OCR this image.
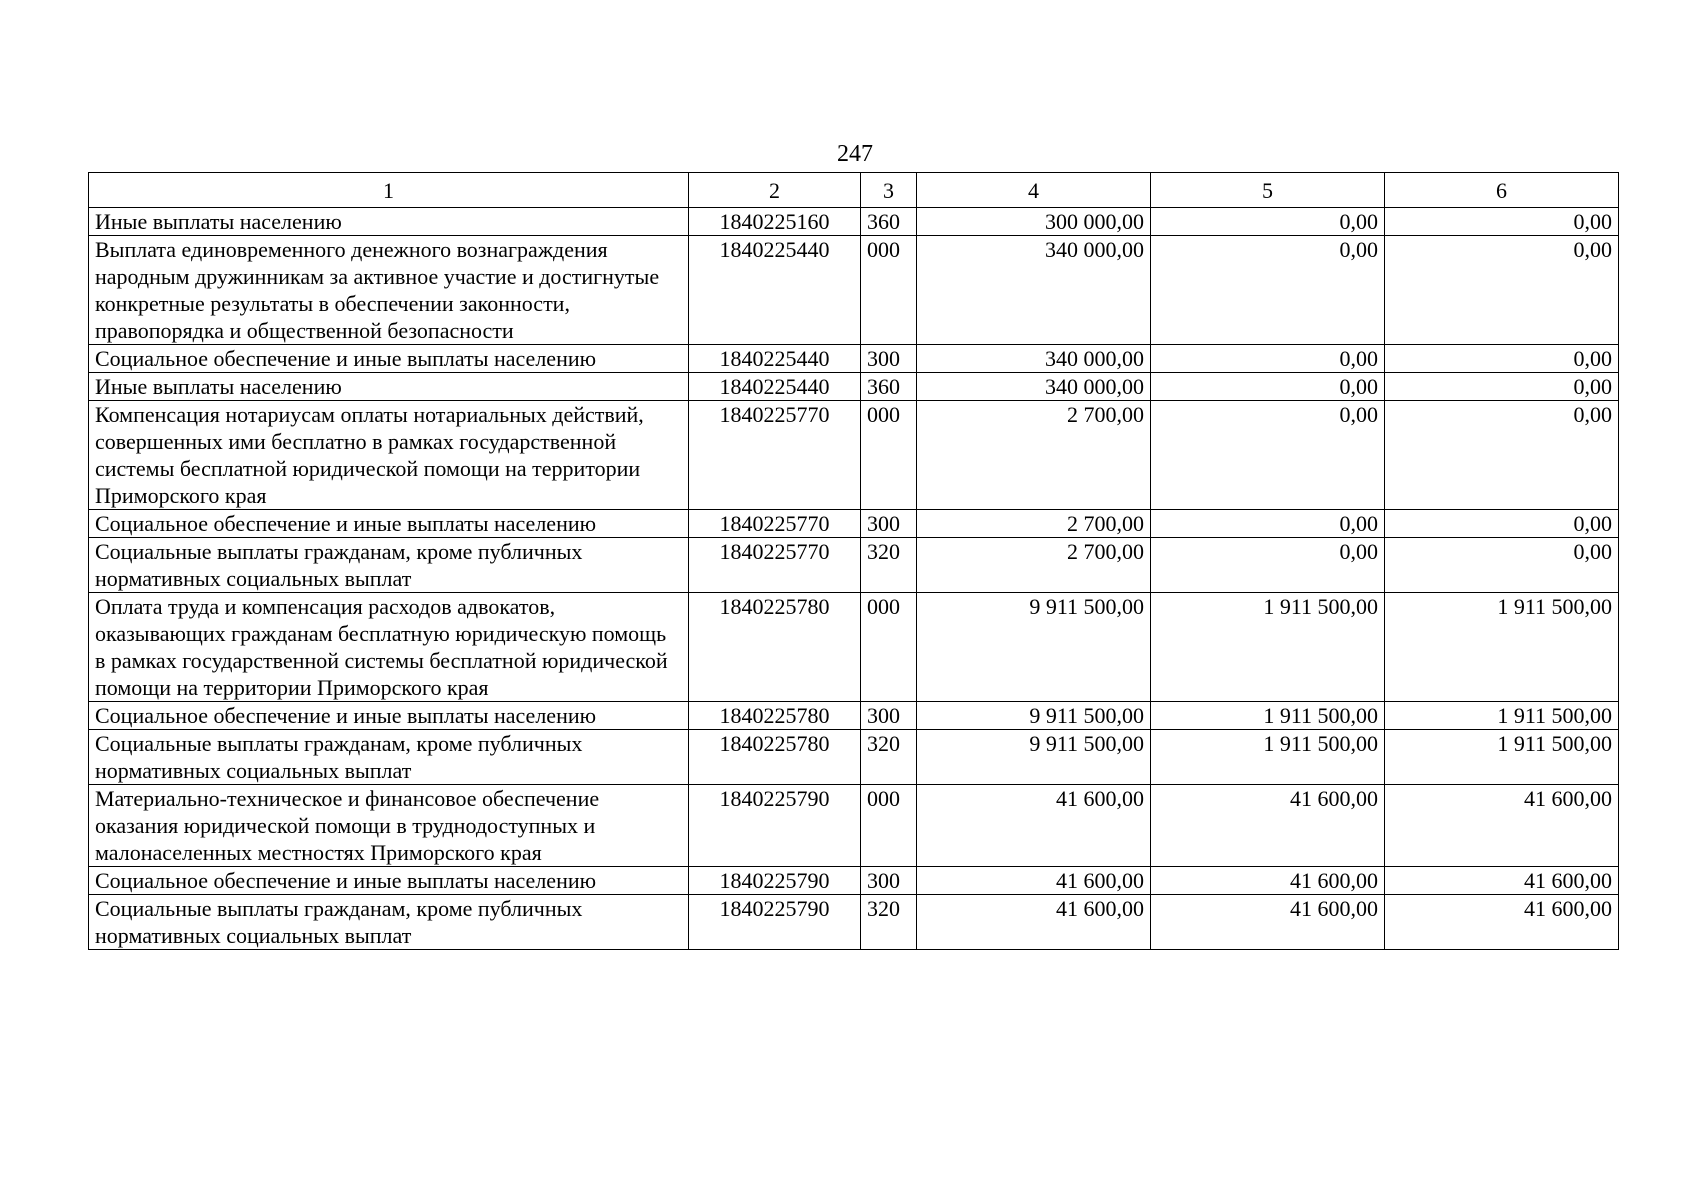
247
1	2	3	4	5	6
Иные выплаты населению	1840225160	360	300 000,00	0,00	0,00
Выплата единовременного денежного вознаграждения народным дружинникам за активное участие и достигнутые конкретные результаты в обеспечении законности, правопорядка и общественной безопасности	1840225440	000	340 000,00	0,00	0,00
Социальное обеспечение и иные выплаты населению	1840225440	300	340 000,00	0,00	0,00
Иные выплаты населению	1840225440	360	340 000,00	0,00	0,00
Компенсация нотариусам оплаты нотариальных действий, совершенных ими бесплатно в рамках государственной системы бесплатной юридической помощи на территории Приморского края	1840225770	000	2 700,00	0,00	0,00
Социальное обеспечение и иные выплаты населению	1840225770	300	2 700,00	0,00	0,00
Социальные выплаты гражданам, кроме публичных нормативных социальных выплат	1840225770	320	2 700,00	0,00	0,00
Оплата труда и компенсация расходов адвокатов, оказывающих гражданам бесплатную юридическую помощь в рамках государственной системы бесплатной юридической помощи на территории Приморского края	1840225780	000	9 911 500,00	1 911 500,00	1 911 500,00
Социальное обеспечение и иные выплаты населению	1840225780	300	9 911 500,00	1 911 500,00	1 911 500,00
Социальные выплаты гражданам, кроме публичных нормативных социальных выплат	1840225780	320	9 911 500,00	1 911 500,00	1 911 500,00
Материально-техническое и финансовое обеспечение оказания юридической помощи в труднодоступных и малонаселенных местностях Приморского края	1840225790	000	41 600,00	41 600,00	41 600,00
Социальное обеспечение и иные выплаты населению	1840225790	300	41 600,00	41 600,00	41 600,00
Социальные выплаты гражданам, кроме публичных нормативных социальных выплат	1840225790	320	41 600,00	41 600,00	41 600,00
